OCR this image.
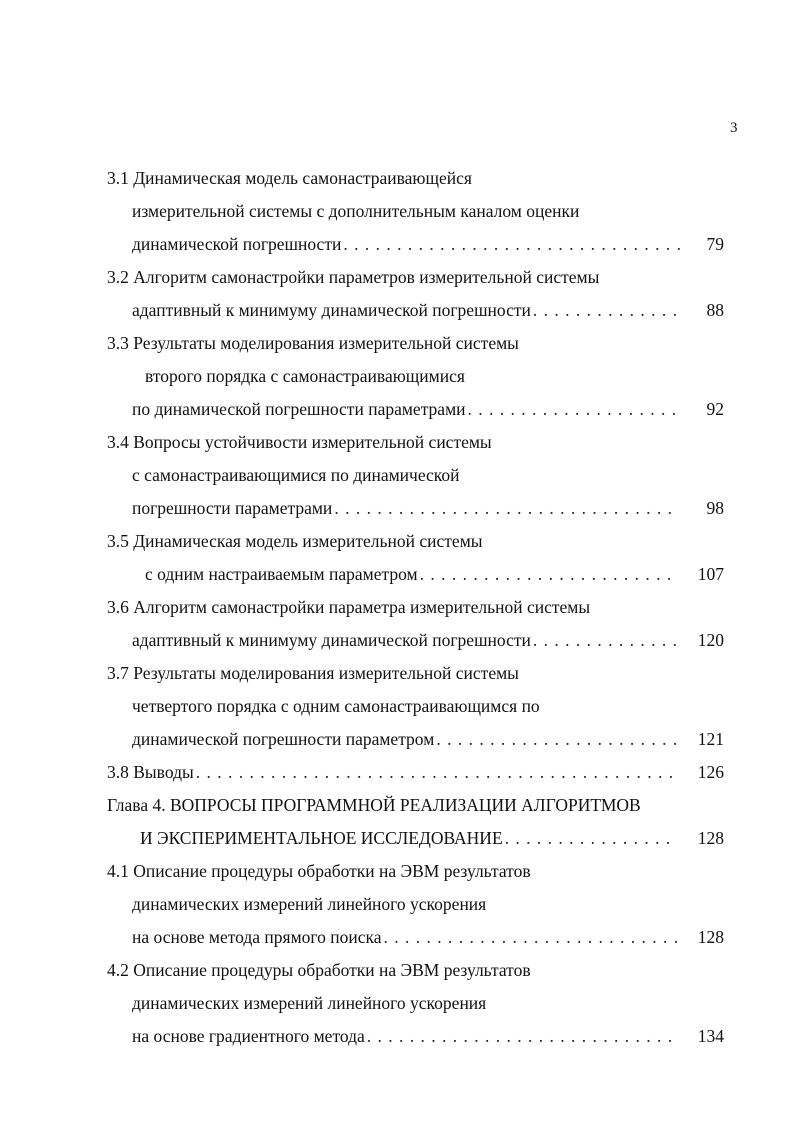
3
3.1 Динамическая модель самонастраивающейся
измерительной системы с дополнительным каналом оценки
динамической погрешности . . .	79
3.2 Алгоритм самонастройки параметров измерительной системы
адаптивный к минимуму динамической погрешности . . .	88
3.3 Результаты моделирования измерительной системы
второго порядка с самонастраивающимися
по динамической погрешности параметрами . . .	92
3.4 Вопросы устойчивости измерительной системы
с самонастраивающимися по динамической
погрешности параметрами . . .	98
3.5 Динамическая модель измерительной системы
с одним настраиваемым параметром . . .	107
3.6 Алгоритм самонастройки параметра измерительной системы
адаптивный к минимуму динамической погрешности . . .	120
3.7 Результаты моделирования измерительной системы
четвертого порядка с одним самонастраивающимся по
динамической погрешности параметром . . .	121
3.8 Выводы . . .	126
Глава 4. ВОПРОСЫ ПРОГРАММНОЙ РЕАЛИЗАЦИИ АЛГОРИТМОВ
И ЭКСПЕРИМЕНТАЛЬНОЕ ИССЛЕДОВАНИЕ . . .	128
4.1 Описание процедуры обработки на ЭВМ результатов
динамических измерений линейного ускорения
на основе метода прямого поиска . . .	128
4.2 Описание процедуры обработки на ЭВМ результатов
динамических измерений линейного ускорения
на основе градиентного метода . . .	134
